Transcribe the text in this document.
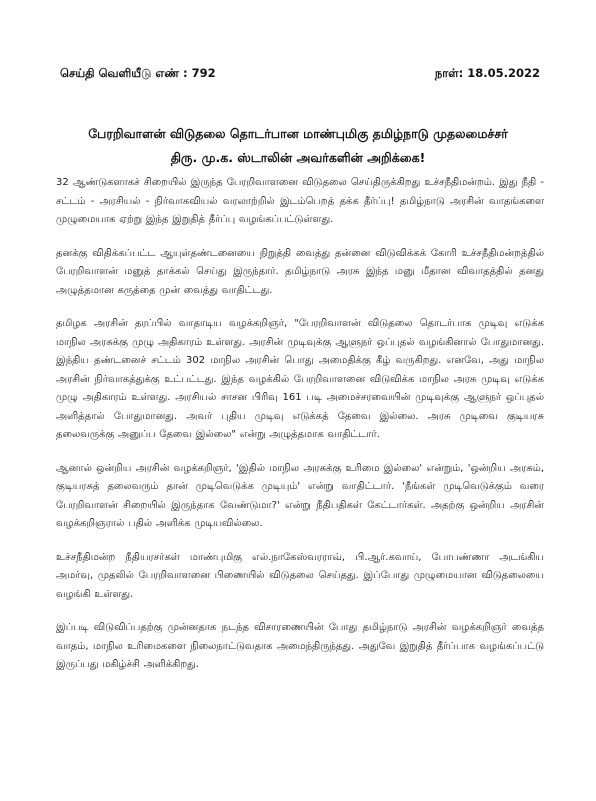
செய்தி வெளியீடு எண் : 792	நாள்: 18.05.2022
பேரறிவாளன் விடுதலை தொடர்பான மாண்புமிகு தமிழ்நாடு முதலமைச்சர்
திரு. மு.க. ஸ்டாலின் அவர்களின் அறிக்கை!

32 ஆண்டுகளாகச் சிறையில் இருந்த பேரறிவாளனை விடுதலை செய்திருக்கிறது உச்சநீதிமன்றம். இது நீதி - சட்டம் - அரசியல் - நிர்வாகவியல் வரலாற்றில் இடம்பெறத் தக்க தீர்ப்பு! தமிழ்நாடு அரசின் வாதங்களை முழுமையாக ஏற்று இந்த இறுதித் தீர்ப்பு வழங்கப்பட்டுள்ளது.

தனக்கு விதிக்கப்பட்ட ஆயுள்தண்டனையை நிறுத்தி வைத்து தன்னை விடுவிக்கக் கோரி உச்சநீதிமன்றத்தில் பேரறிவாளன் மனுத் தாக்கல் செய்து இருந்தார். தமிழ்நாடு அரசு இந்த மனு மீதான விவாதத்தில் தனது அழுத்தமான கருத்தை முன் வைத்து வாதிட்டது.

தமிழக அரசின் தரப்பில் வாதாடிய வழக்கறிஞர், "பேரறிவாளன் விடுதலை தொடர்பாக முடிவு எடுக்க மாநில அரசுக்கு முழு அதிகாரம் உள்ளது. அரசின் முடிவுக்கு ஆளுநர் ஒப்புதல் வழங்கினால் போதுமானது. இந்திய தண்டனைச் சட்டம் 302 மாநில அரசின் பொது அமைதிக்கு கீழ் வருகிறது. எனவே, அது மாநில அரசின் நிர்வாகத்துக்கு உட்பட்டது. இந்த வழக்கில் பேரறிவாளனை விடுவிக்க மாநில அரசு முடிவு எடுக்க முழு அதிகாரம் உள்ளது. அரசியல் சாசன பிரிவு 161 படி அமைச்சரவையின் முடிவுக்கு ஆளுநர் ஒப்புதல் அளித்தால் போதுமானது. அவர் புதிய முடிவு எடுக்கத் தேவை இல்லை. அரசு முடிவை குடியரசு தலைவருக்கு அனுப்ப தேவை இல்லை" என்று அழுத்தமாக வாதிட்டார்.

ஆனால் ஒன்றிய அரசின் வழக்கறிஞர், 'இதில் மாநில அரசுக்கு உரிமை இல்லை' என்றும், 'ஒன்றிய அரசும், குடியரசுத் தலைவரும் தான் முடிவெடுக்க முடியும்' என்று வாதிட்டார். 'நீங்கள் முடிவெடுக்கும் வரை பேரறிவாளன் சிறையில் இருந்தாக வேண்டுமா?' என்று நீதிபதிகள் கேட்டார்கள். அதற்கு ஒன்றிய அரசின் வழக்கறிஞரால் பதில் அளிக்க முடியவில்லை.

உச்சநீதிமன்ற நீதியரசர்கள் மாண்புமிகு எல்.நாகேஸ்வரராவ், பி.ஆர்.கவாய், போபண்ணா அடங்கிய அமர்வு, முதலில் பேரறிவாளனை பிணையில் விடுதலை செய்தது. இப்போது முழுமையான விடுதலையை வழங்கி உள்ளது.

இப்படி விடுவிப்பதற்கு முன்னதாக நடந்த விசாரணையின் போது தமிழ்நாடு அரசின் வழக்கறிஞர் வைத்த வாதம், மாநில உரிமைகளை நிலைநாட்டுவதாக அமைந்திருந்தது. அதுவே இறுதித் தீர்ப்பாக வழங்கப்பட்டு இருப்பது மகிழ்ச்சி அளிக்கிறது.
